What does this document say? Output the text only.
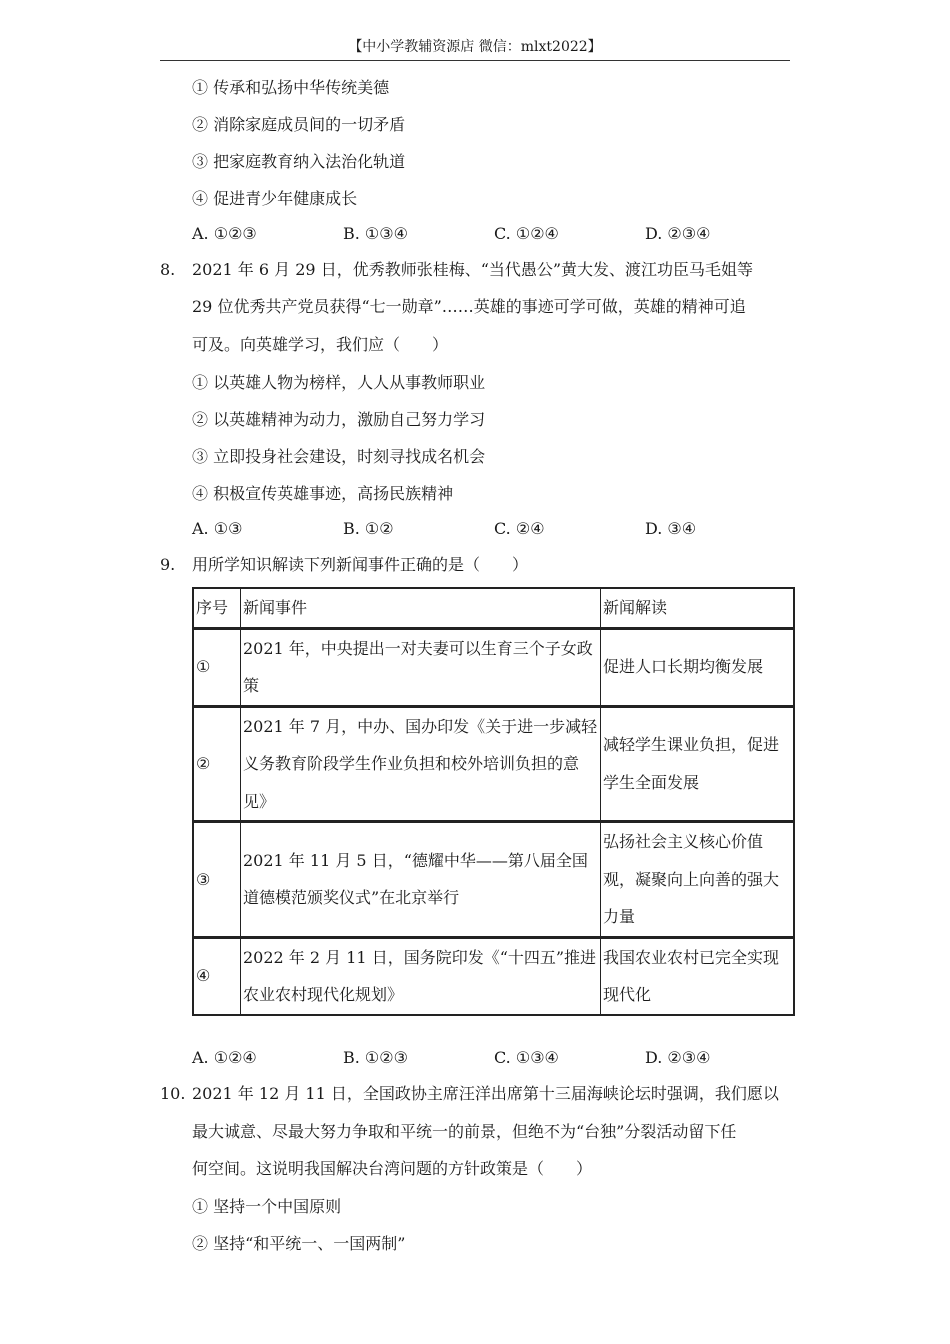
【中小学教辅资源店 微信：mlxt2022】
① 传承和弘扬中华传统美德
② 消除家庭成员间的一切矛盾
③ 把家庭教育纳入法治化轨道
④ 促进青少年健康成长
A. ①②③	B. ①③④	C. ①②④	D. ②③④
8. 2021 年 6 月 29 日，优秀教师张桂梅、“当代愚公”黄大发、渡江功臣马毛姐等
29 位优秀共产党员获得“七一勋章”……英雄的事迹可学可做，英雄的精神可追
可及。向英雄学习，我们应（　　）
① 以英雄人物为榜样，人人从事教师职业
② 以英雄精神为动力，激励自己努力学习
③ 立即投身社会建设，时刻寻找成名机会
④ 积极宣传英雄事迹，高扬民族精神
A. ①③	B. ①②	C. ②④	D. ③④
9. 用所学知识解读下列新闻事件正确的是（　　）
序号	新闻事件	新闻解读
①	2021 年，中央提出一对夫妻可以生育三个子女政策	促进人口长期均衡发展
②	2021 年 7 月，中办、国办印发《关于进一步减轻义务教育阶段学生作业负担和校外培训负担的意见》	减轻学生课业负担，促进学生全面发展
③	2021 年 11 月 5 日，“德耀中华——第八届全国道德模范颁奖仪式”在北京举行	弘扬社会主义核心价值观，凝聚向上向善的强大力量
④	2022 年 2 月 11 日，国务院印发《“十四五”推进农业农村现代化规划》	我国农业农村已完全实现现代化
A. ①②④	B. ①②③	C. ①③④	D. ②③④
10. 2021 年 12 月 11 日，全国政协主席汪洋出席第十三届海峡论坛时强调，我们愿以
最大诚意、尽最大努力争取和平统一的前景，但绝不为“台独”分裂活动留下任
何空间。这说明我国解决台湾问题的方针政策是（　　）
① 坚持一个中国原则
② 坚持“和平统一、一国两制”
